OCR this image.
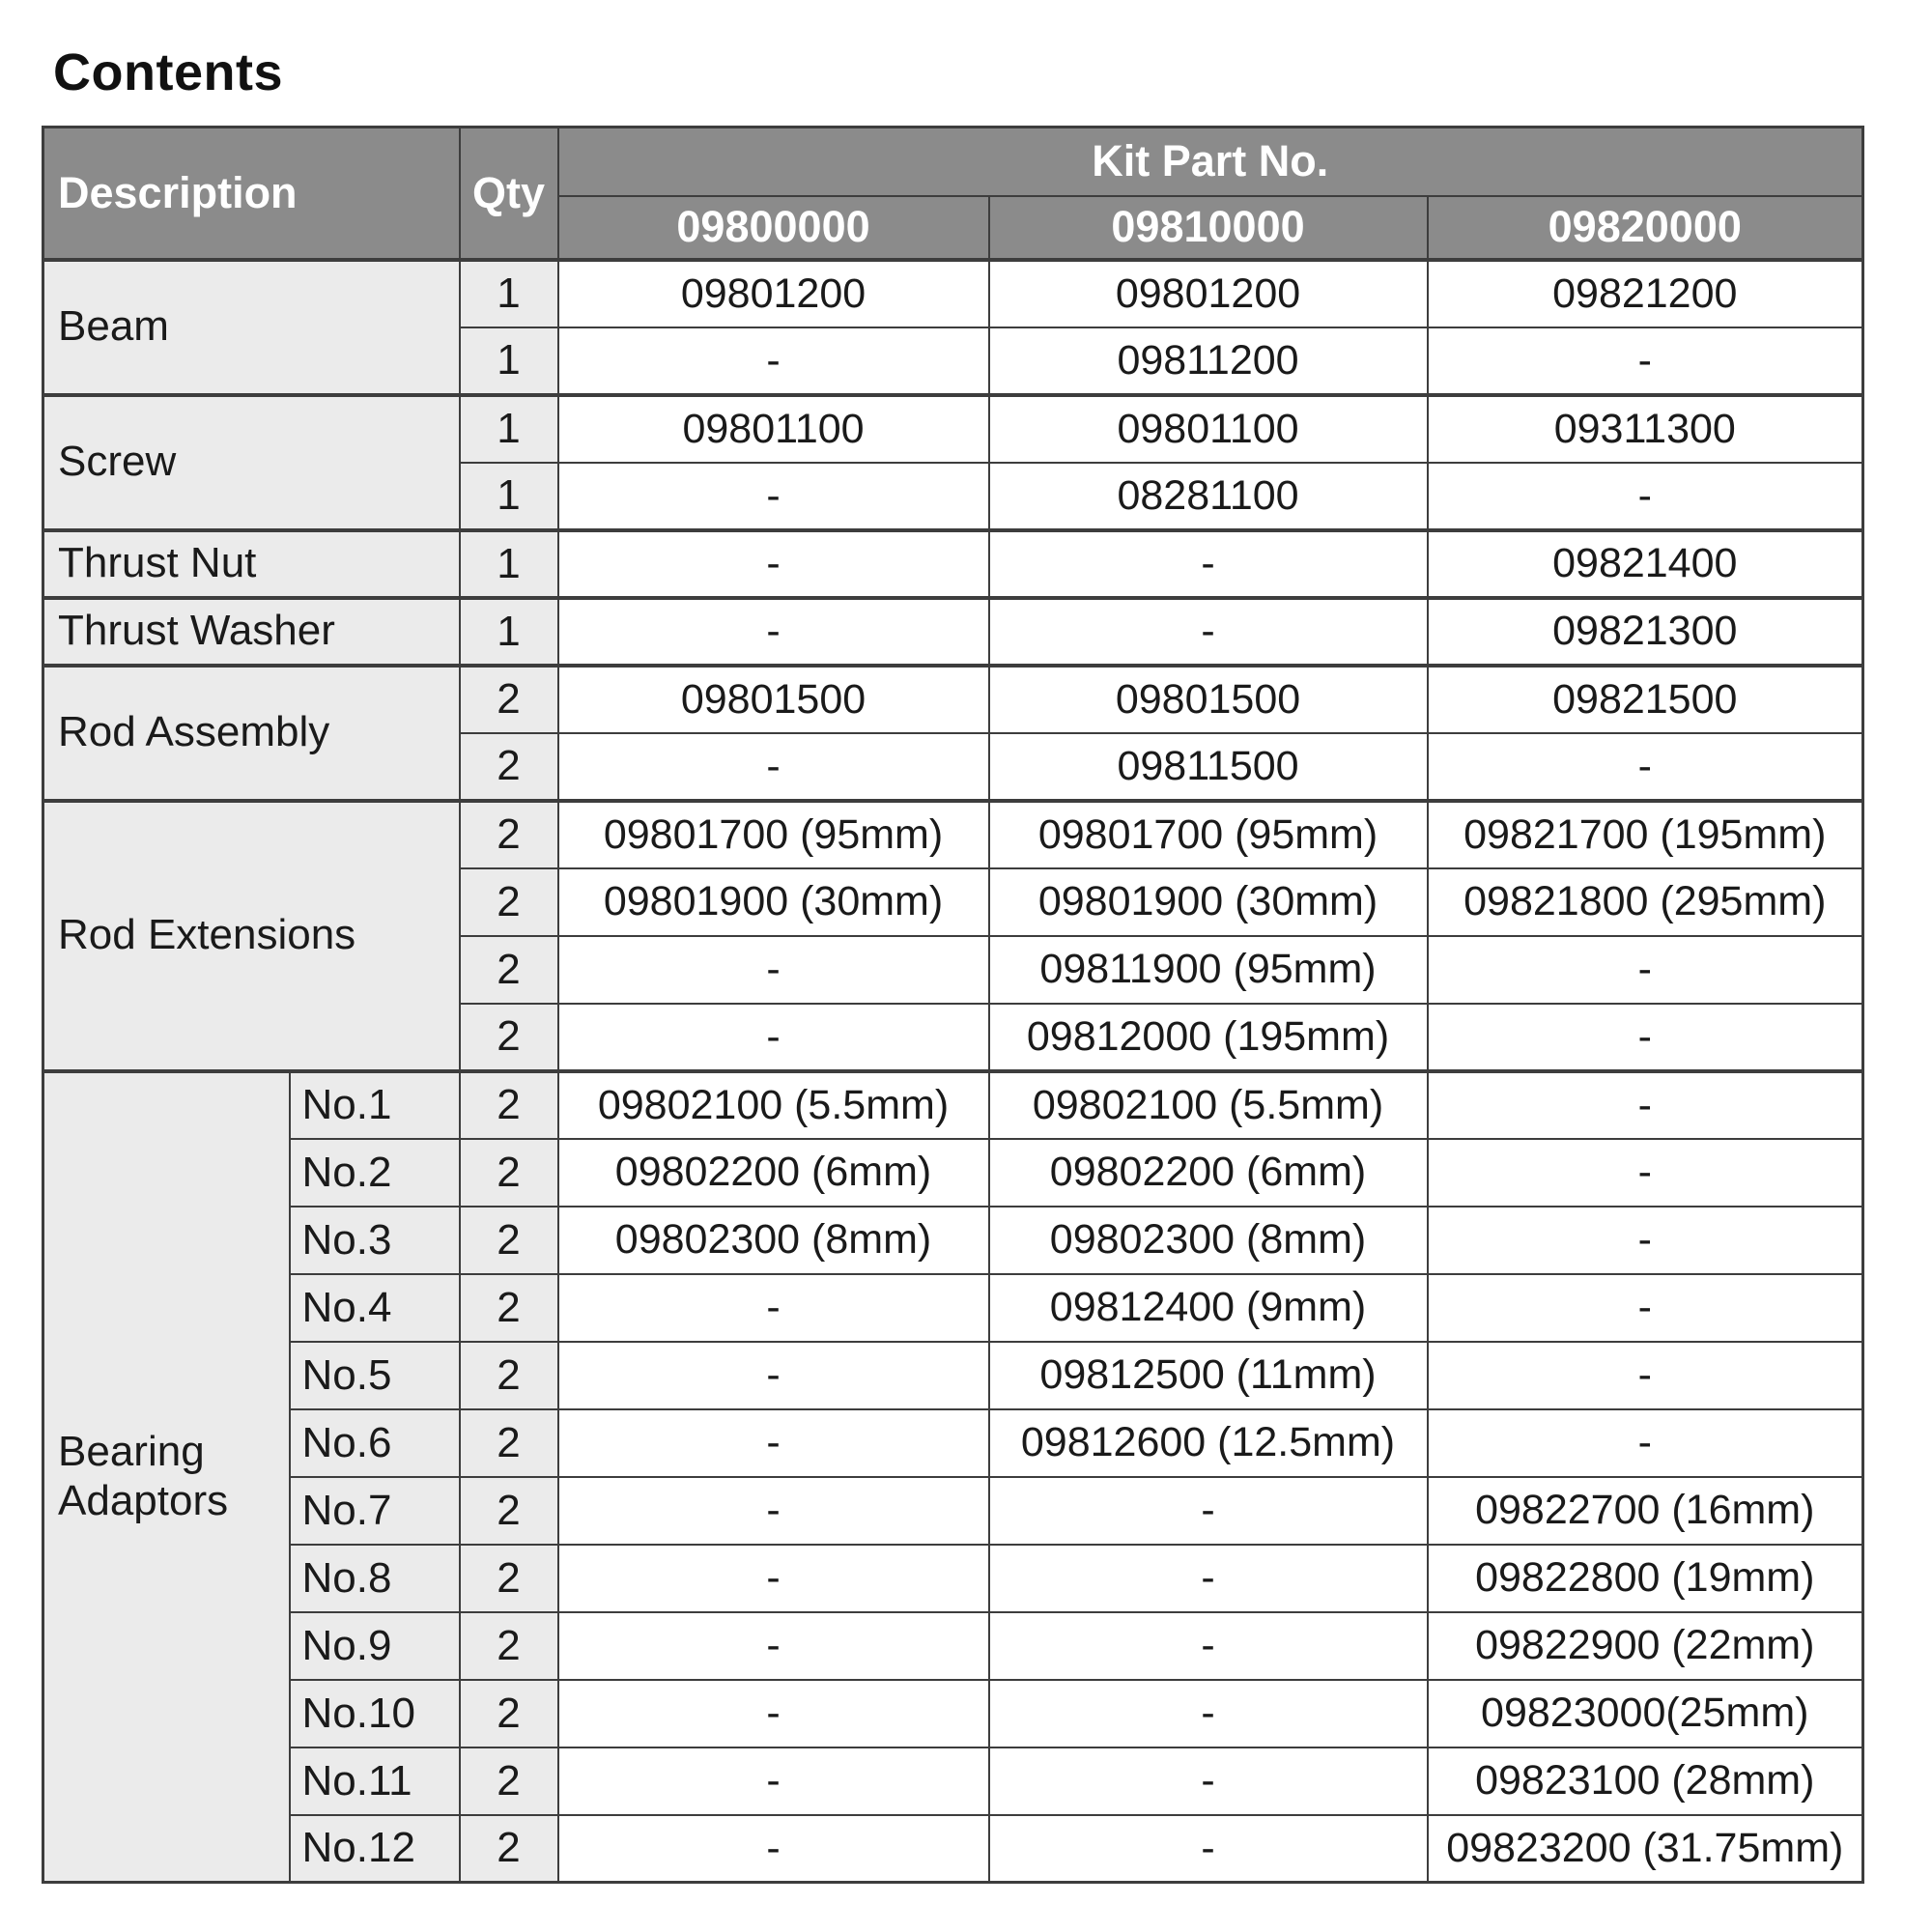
Contents
Description		Qty	Kit Part No.		
			09800000	09810000	09820000
Beam		1	09801200	09801200	09821200
		1	-	09811200	-
Screw		1	09801100	09801100	09311300
		1	-	08281100	-
Thrust Nut		1	-	-	09821400
Thrust Washer		1	-	-	09821300
Rod Assembly		2	09801500	09801500	09821500
		2	-	09811500	-
Rod Extensions		2	09801700 (95mm)	09801700 (95mm)	09821700 (195mm)
		2	09801900 (30mm)	09801900 (30mm)	09821800 (295mm)
		2	-	09811900 (95mm)	-
		2	-	09812000 (195mm)	-
Bearing Adaptors	No.1	2	09802100 (5.5mm)	09802100 (5.5mm)	-
	No.2	2	09802200 (6mm)	09802200 (6mm)	-
	No.3	2	09802300 (8mm)	09802300 (8mm)	-
	No.4	2	-	09812400 (9mm)	-
	No.5	2	-	09812500 (11mm)	-
	No.6	2	-	09812600 (12.5mm)	-
	No.7	2	-	-	09822700 (16mm)
	No.8	2	-	-	09822800 (19mm)
	No.9	2	-	-	09822900 (22mm)
	No.10	2	-	-	09823000(25mm)
	No.11	2	-	-	09823100 (28mm)
	No.12	2	-	-	09823200 (31.75mm)
